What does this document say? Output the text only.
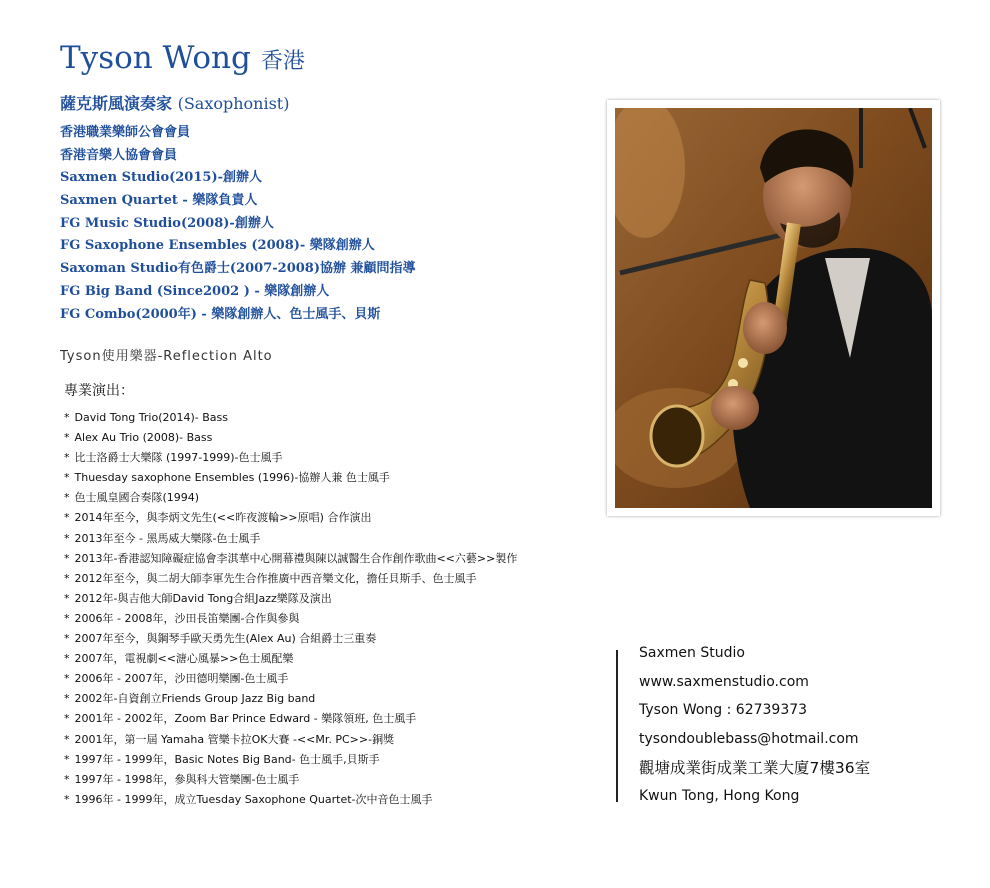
Tyson Wong 香港
薩克斯風演奏家 (Saxophonist)
香港職業樂師公會會員
香港音樂人協會會員
Saxmen Studio(2015)-創辦人
Saxmen Quartet - 樂隊負責人
FG Music Studio(2008)-創辦人
FG Saxophone Ensembles (2008)- 樂隊創辦人
Saxoman Studio有色爵士(2007-2008)協辦 兼顧問指導
FG Big Band (Since2002 ) - 樂隊創辦人
FG Combo(2000年) - 樂隊創辦人、色士風手、貝斯
Tyson使用樂器-Reflection Alto
專業演出：
* David Tong Trio(2014)- Bass
* Alex Au Trio (2008)- Bass
* 比士洛爵士大樂隊 (1997-1999)-色士風手
* Thuesday saxophone Ensembles (1996)-協辦人兼 色士風手
* 色士風皇國合奏隊(1994)
* 2014年至今，與李炳文先生(<<昨夜渡輪>>原唱) 合作演出
* 2013年至今 - 黑馬威大樂隊-色士風手
* 2013年-香港認知障礙症協會李淇華中心開幕禮與陳以誠醫生合作創作歌曲<<六藝>>製作
* 2012年至今，與二胡大師李軍先生合作推廣中西音樂文化，擔任貝斯手、色士風手
* 2012年-與吉他大師David Tong合組Jazz樂隊及演出
* 2006年 - 2008年，沙田長笛樂團-合作與參與
* 2007年至今，與鋼琴手歐天勇先生(Alex Au) 合組爵士三重奏
* 2007年，電視劇<<溏心風暴>>色士風配樂
* 2006年 - 2007年，沙田德明樂團-色士風手
* 2002年-自資創立Friends Group Jazz Big band
* 2001年 - 2002年，Zoom Bar Prince Edward - 樂隊領班, 色士風手
* 2001年，第一屆 Yamaha 管樂卡拉OK大賽 -<<Mr. PC>>-銅獎
* 1997年 - 1999年，Basic Notes Big Band- 色士風手,貝斯手
* 1997年 - 1998年，參與科大管樂團-色士風手
* 1996年 - 1999年，成立Tuesday Saxophone Quartet-次中音色士風手
Saxmen Studio
www.saxmenstudio.com
Tyson Wong : 62739373
tysondoublebass@hotmail.com
觀塘成業街成業工業大廈7樓36室
Kwun Tong, Hong Kong
